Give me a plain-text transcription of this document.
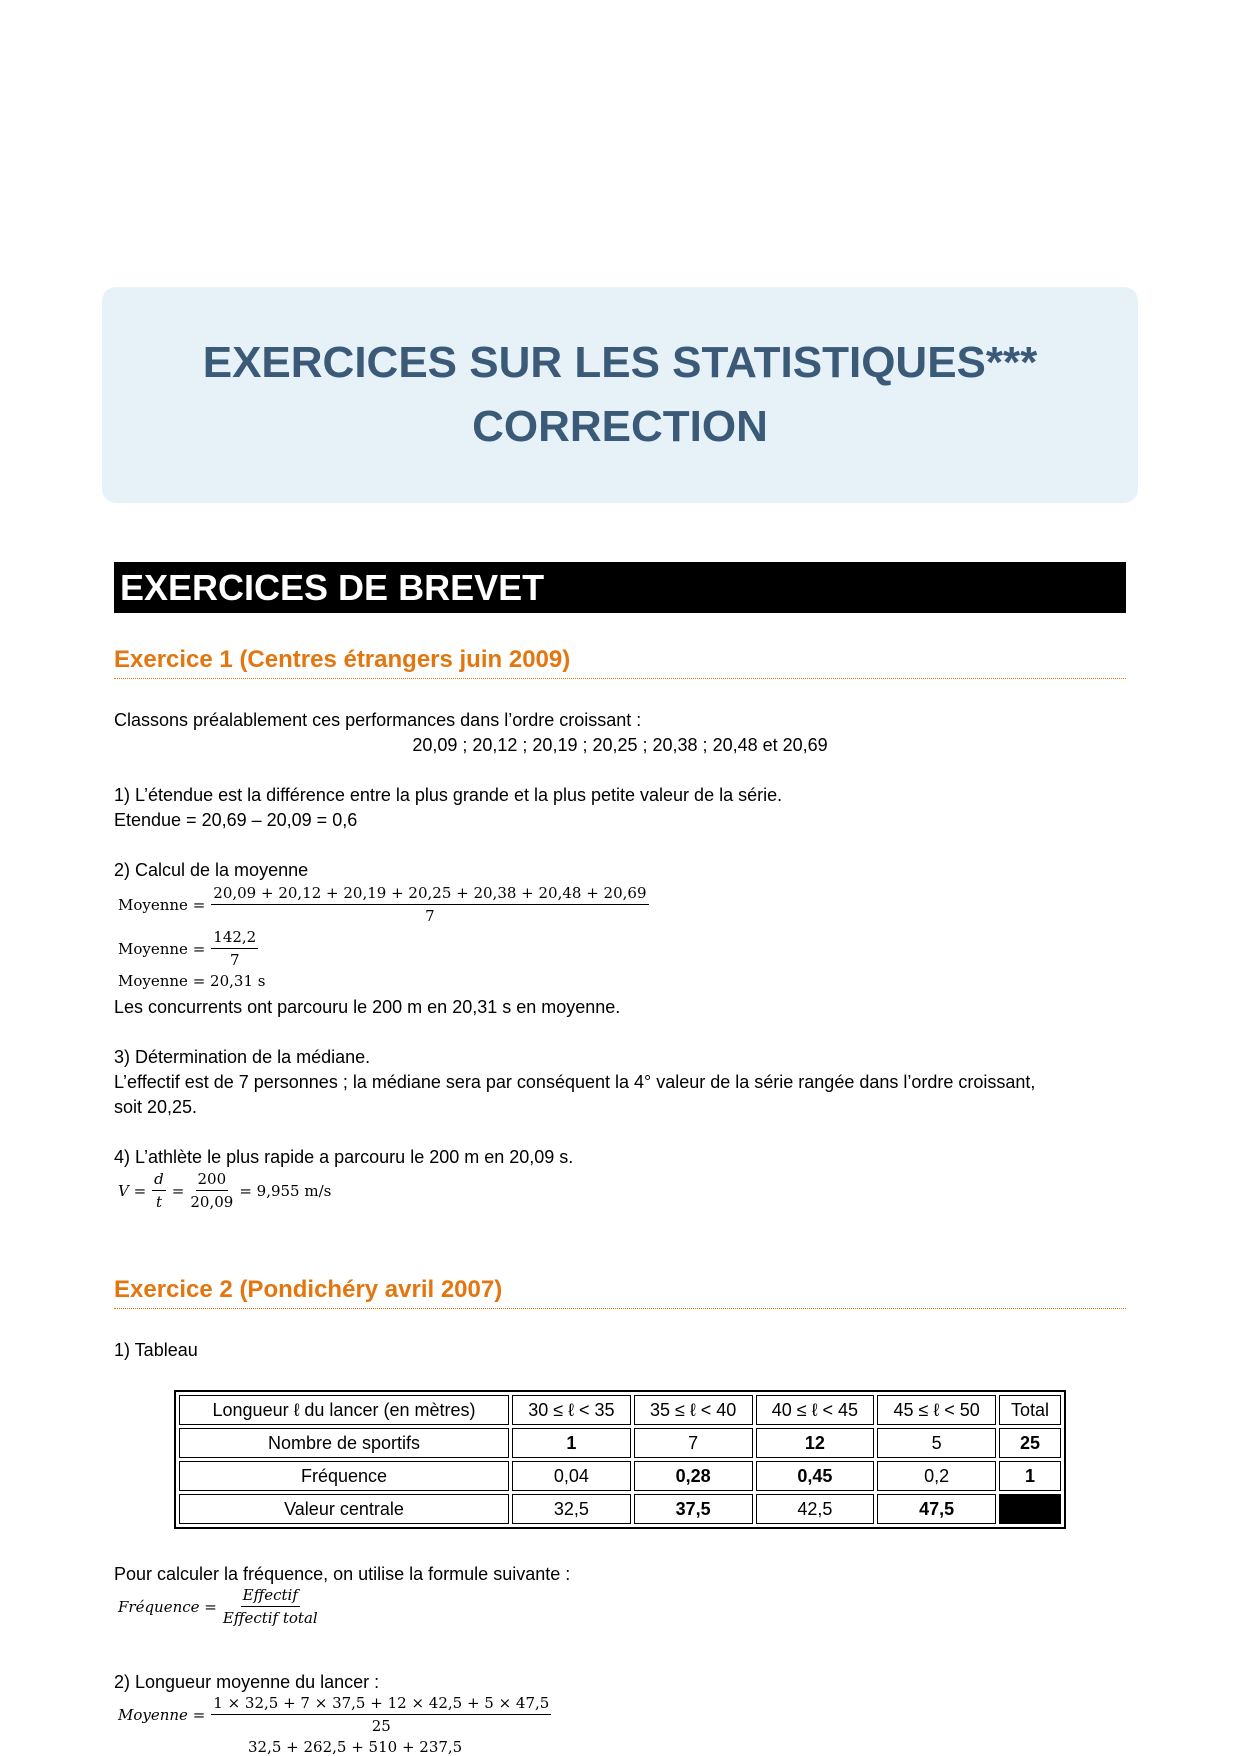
EXERCICES SUR LES STATISTIQUES***
CORRECTION
EXERCICES DE BREVET
Exercice 1 (Centres étrangers juin 2009)
Classons préalablement ces performances dans l’ordre croissant :
20,09 ; 20,12 ; 20,19 ; 20,25 ; 20,38 ; 20,48 et 20,69
1) L’étendue est la différence entre la plus grande et la plus petite valeur de la série.
Etendue = 20,69 – 20,09 = 0,6
2) Calcul de la moyenne
Moyenne = $\frac{20,09 + 20,12 + 20,19 + 20,25 + 20,38 + 20,48 + 20,69}{7}$
Moyenne = $\frac{142,2}{7}$
Moyenne = 20,31 s
Les concurrents ont parcouru le 200 m en 20,31 s en moyenne.
3) Détermination de la médiane.
L’effectif est de 7 personnes ; la médiane sera par conséquent la 4° valeur de la série rangée dans l’ordre croissant,
soit 20,25.
4) L’athlète le plus rapide a parcouru le 200 m en 20,09 s.
$V = \frac{d}{t} = \frac{200}{20,09} = 9,955$ m/s
Exercice 2 (Pondichéry avril 2007)
1) Tableau
Longueur ℓ du lancer (en mètres)	30 ≤ ℓ < 35	35 ≤ ℓ < 40	40 ≤ ℓ < 45	45 ≤ ℓ < 50	Total
Nombre de sportifs	1	7	12	5	25
Fréquence	0,04	0,28	0,45	0,2	1
Valeur centrale	32,5	37,5	42,5	47,5	
Pour calculer la fréquence, on utilise la formule suivante :
Fréquence = $\frac{\text{Effectif}}{\text{Effectif total}}$
2) Longueur moyenne du lancer :
Moyenne = $\frac{1 \times 32,5 + 7 \times 37,5 + 12 \times 42,5 + 5 \times 47,5}{25}$
32,5 + 262,5 + 510 + 237,5
